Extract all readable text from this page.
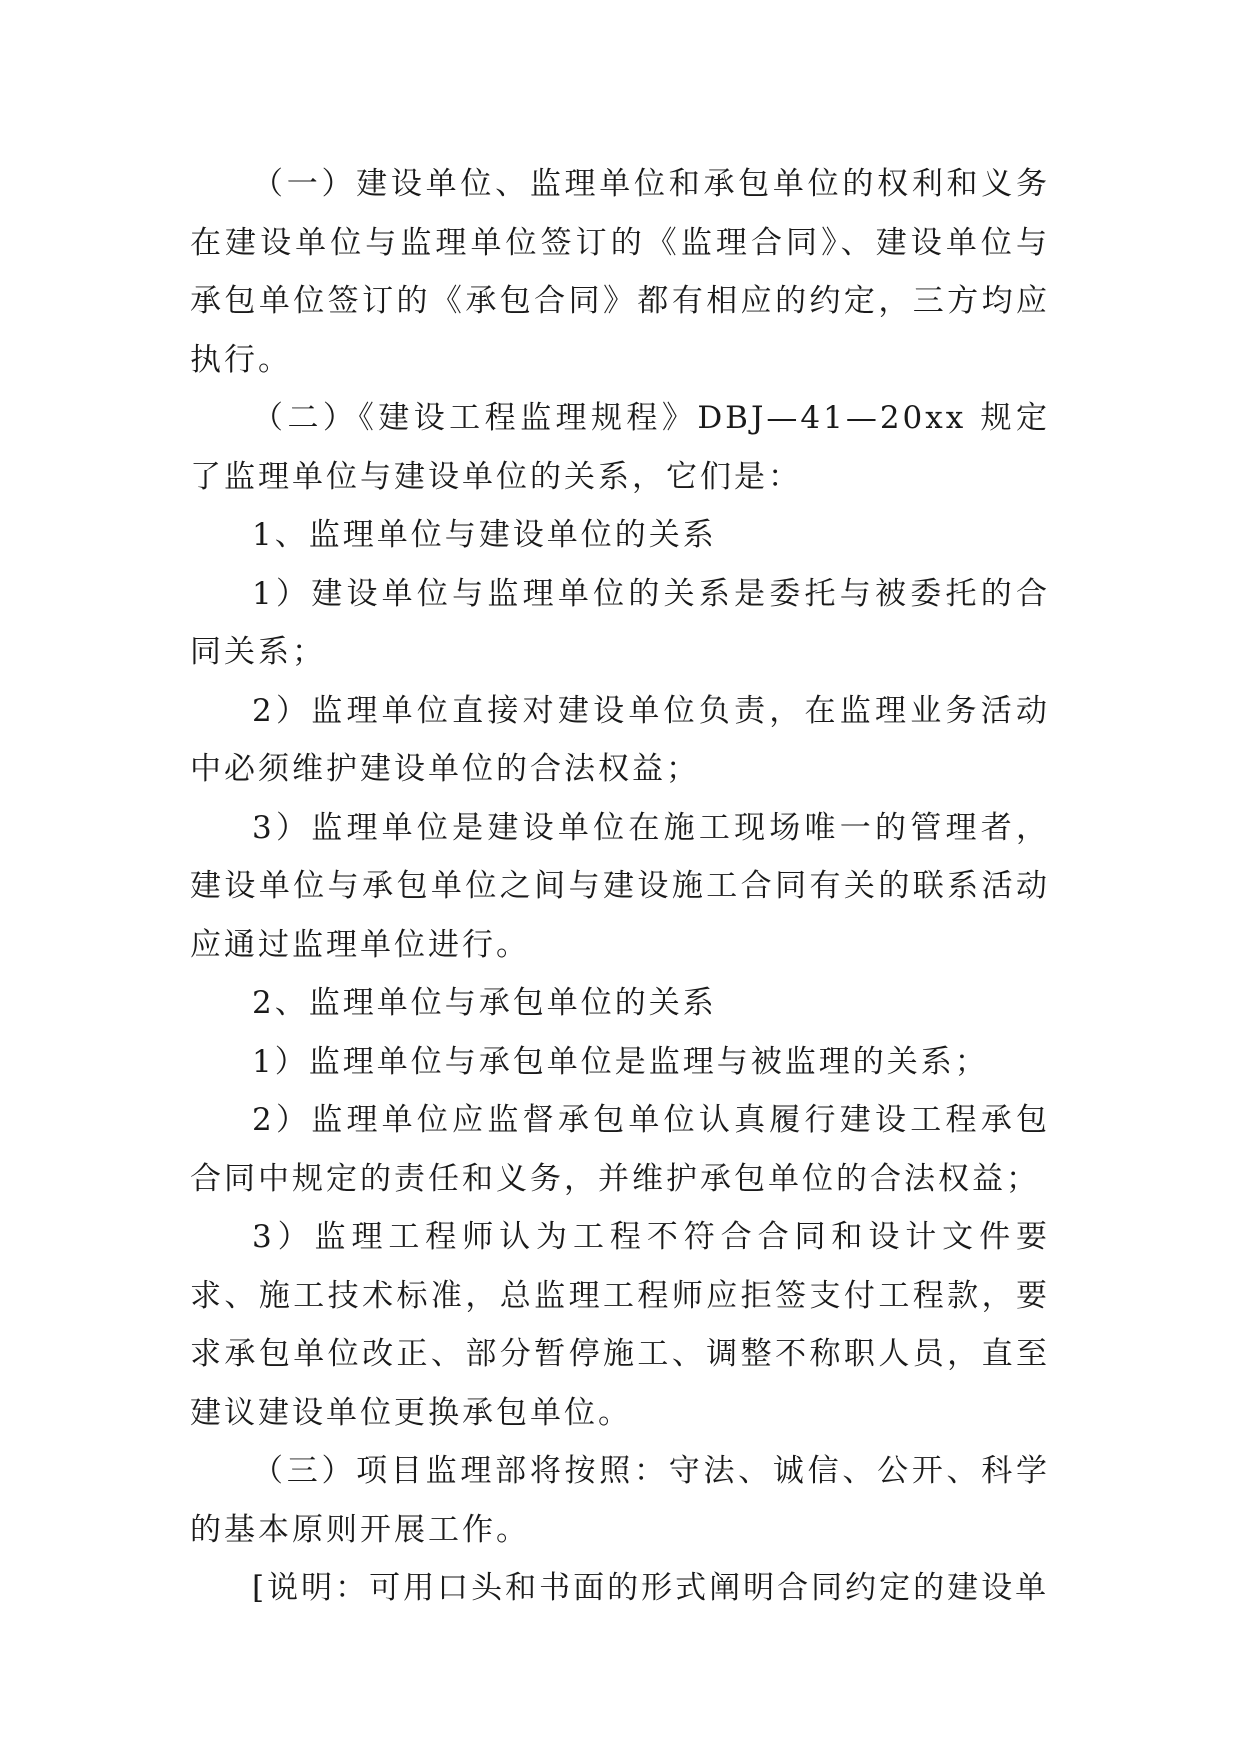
（一）建设单位、监理单位和承包单位的权利和义务在建设单位与监理单位签订的《监理合同》、建设单位与承包单位签订的《承包合同》都有相应的约定，三方均应执行。

（二）《建设工程监理规程》DBJ—41—20xx 规定了监理单位与建设单位的关系，它们是：

1、监理单位与建设单位的关系

1）建设单位与监理单位的关系是委托与被委托的合同关系；

2）监理单位直接对建设单位负责，在监理业务活动中必须维护建设单位的合法权益；

3）监理单位是建设单位在施工现场唯一的管理者，建设单位与承包单位之间与建设施工合同有关的联系活动应通过监理单位进行。

2、监理单位与承包单位的关系

1）监理单位与承包单位是监理与被监理的关系；

2）监理单位应监督承包单位认真履行建设工程承包合同中规定的责任和义务，并维护承包单位的合法权益；

3）监理工程师认为工程不符合合同和设计文件要求、施工技术标准，总监理工程师应拒签支付工程款，要求承包单位改正、部分暂停施工、调整不称职人员，直至建议建设单位更换承包单位。

（三）项目监理部将按照：守法、诚信、公开、科学的基本原则开展工作。

[说明：可用口头和书面的形式阐明合同约定的建设单
